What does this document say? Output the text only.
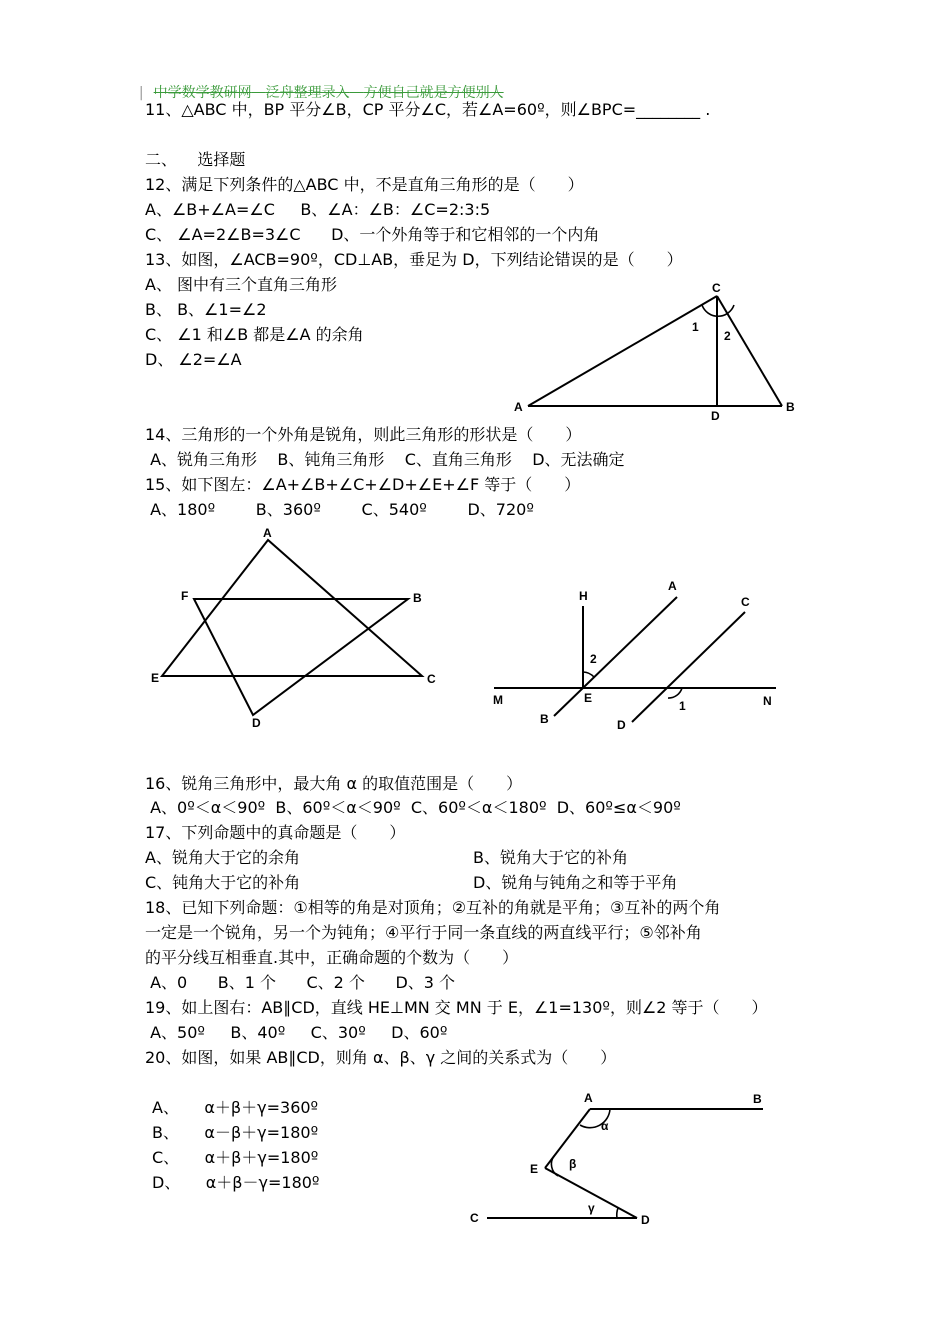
| 中学数学教研网　 泛舟整理录入　 方便自己就是方便别人

11、△ABC 中，BP 平分∠B，CP 平分∠C，若∠A=60º，则∠BPC=________ .
二、    选择题
12、满足下列条件的△ABC 中，不是直角三角形的是（　　）
A、∠B+∠A=∠C     B、∠A：∠B：∠C=2:3:5
C、 ∠A=2∠B=3∠C      D、一个外角等于和它相邻的一个内角
13、如图，∠ACB=90º，CD⊥AB，垂足为 D，下列结论错误的是（　　）
A、 图中有三个直角三角形
B、 B、∠1=∠2
C、 ∠1 和∠B 都是∠A 的余角
D、 ∠2=∠A
14、三角形的一个外角是锐角，则此三角形的形状是（　　）
A、锐角三角形    B、钝角三角形    C、直角三角形    D、无法确定
15、如下图左：∠A+∠B+∠C+∠D+∠E+∠F 等于（　　）
A、180º        B、360º        C、540º        D、720º
16、锐角三角形中，最大角 α 的取值范围是（　　）
A、0º＜α＜90º  B、60º＜α＜90º  C、60º＜α＜180º  D、60º≤α＜90º
17、下列命题中的真命题是（　　）
A、锐角大于它的余角	B、锐角大于它的补角
C、钝角大于它的补角	D、锐角与钝角之和等于平角
18、已知下列命题：①相等的角是对顶角；②互补的角就是平角；③互补的两个角
一定是一个锐角，另一个为钝角；④平行于同一条直线的两直线平行；⑤邻补角
的平分线互相垂直.其中，正确命题的个数为（　　）
A、0      B、1 个      C、2 个      D、3 个
19、如上图右：AB∥CD，直线 HE⊥MN 交 MN 于 E，∠1=130º，则∠2 等于（　　）
A、50º     B、40º     C、30º     D、60º
20、如图，如果 AB∥CD，则角 α、β、γ 之间的关系式为（　　）
A、     α＋β＋γ=360º
B、     α－β＋γ=180º
C、     α＋β＋γ=180º
D、     α＋β－γ=180º
C
1
2
A
D
B
A
F	B
E	C
D
H
A
C
2
M	E	N
B	D
1
A	B
α
E	β
C
γ
D
